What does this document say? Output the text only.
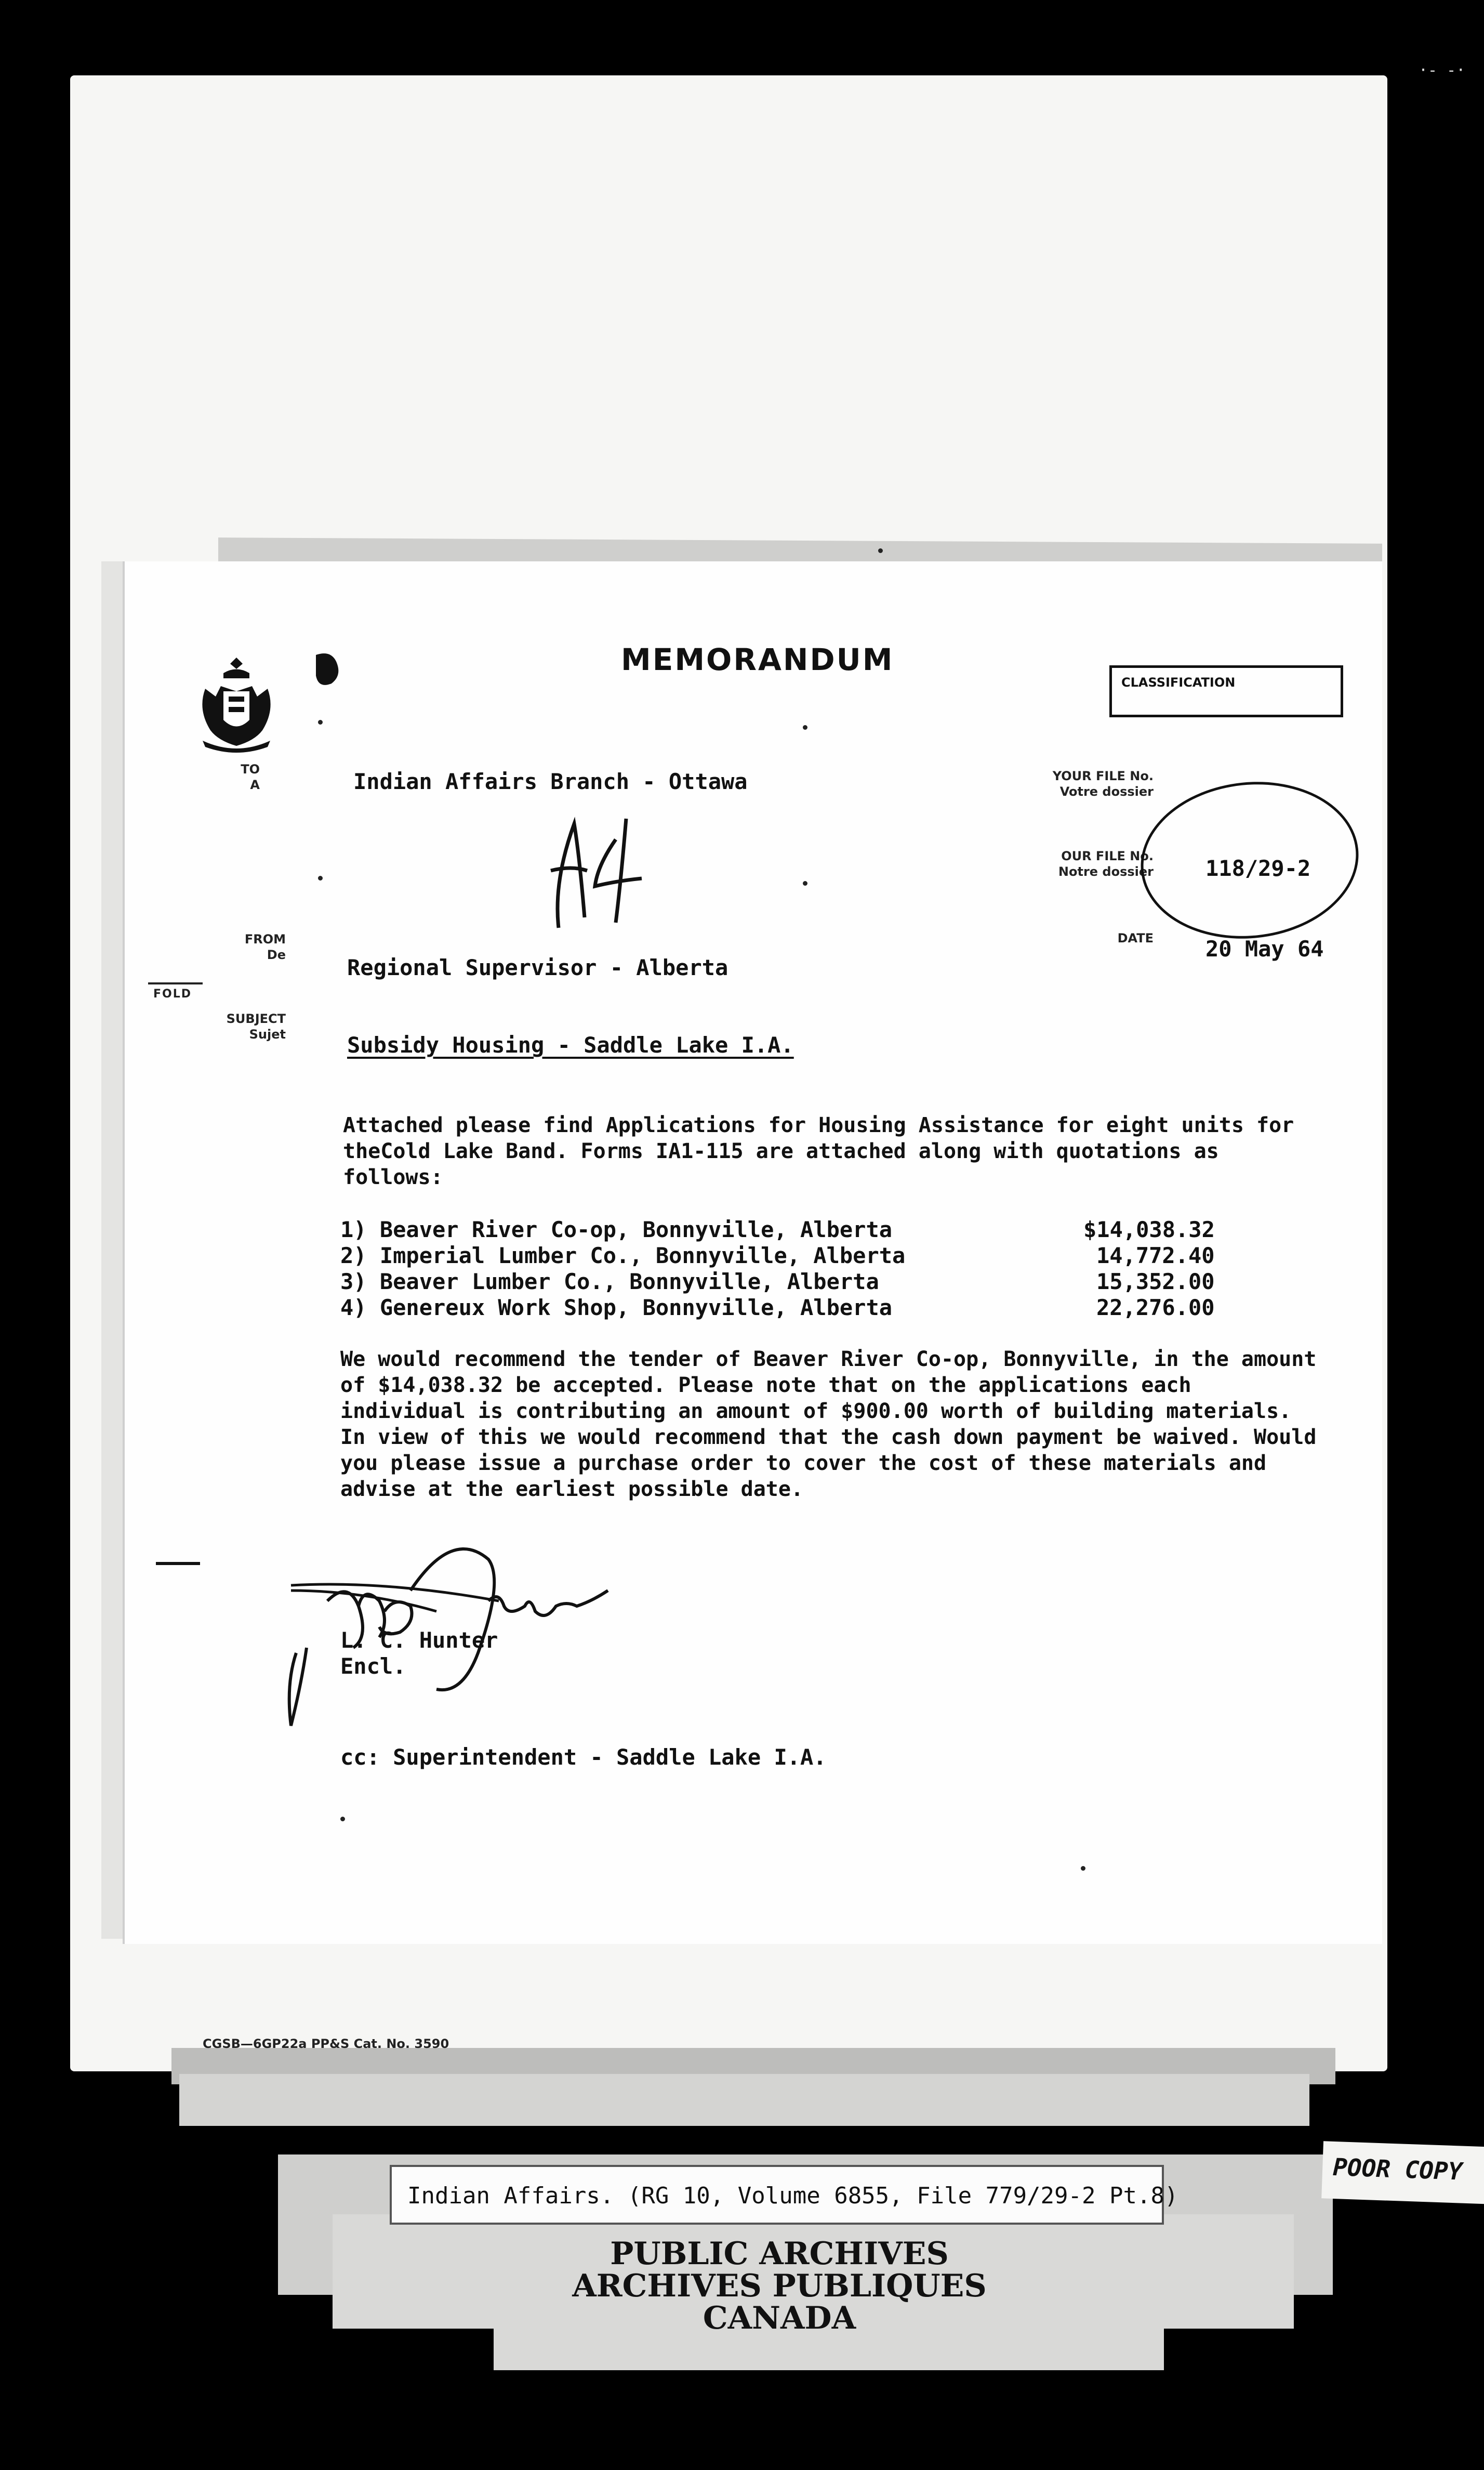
·- -·
MEMORANDUM
CLASSIFICATION
TO
A	Indian Affairs Branch - Ottawa	YOUR FILE No.
Votre dossier
OUR FILE No.
Notre dossier 118/29-2
DATE 20 May 64
FROM
De	Regional Supervisor - Alberta
FOLD
SUBJECT
Sujet	Subsidy Housing - Saddle Lake I.A.
Attached please find Applications for Housing Assistance for eight units for theCold Lake Band. Forms IA1-115 are attached along with quotations as follows:
1) Beaver River Co-op, Bonnyville, Alberta	$14,038.32
2) Imperial Lumber Co., Bonnyville, Alberta	14,772.40
3) Beaver Lumber Co., Bonnyville, Alberta	15,352.00
4) Genereux Work Shop, Bonnyville, Alberta	22,276.00
We would recommend the tender of Beaver River Co-op, Bonnyville, in the amount of $14,038.32 be accepted. Please note that on the applications each individual is contributing an amount of $900.00 worth of building materials. In view of this we would recommend that the cash down payment be waived. Would you please issue a purchase order to cover the cost of these materials and advise at the earliest possible date.
L. C. Hunter
Encl.
cc: Superintendent - Saddle Lake I.A.
CGSB—6GP22a PP&S Cat. No. 3590
Indian Affairs. (RG 10, Volume 6855, File 779/29-2 Pt.8)
PUBLIC ARCHIVES
ARCHIVES PUBLIQUES
CANADA
POOR COPY
